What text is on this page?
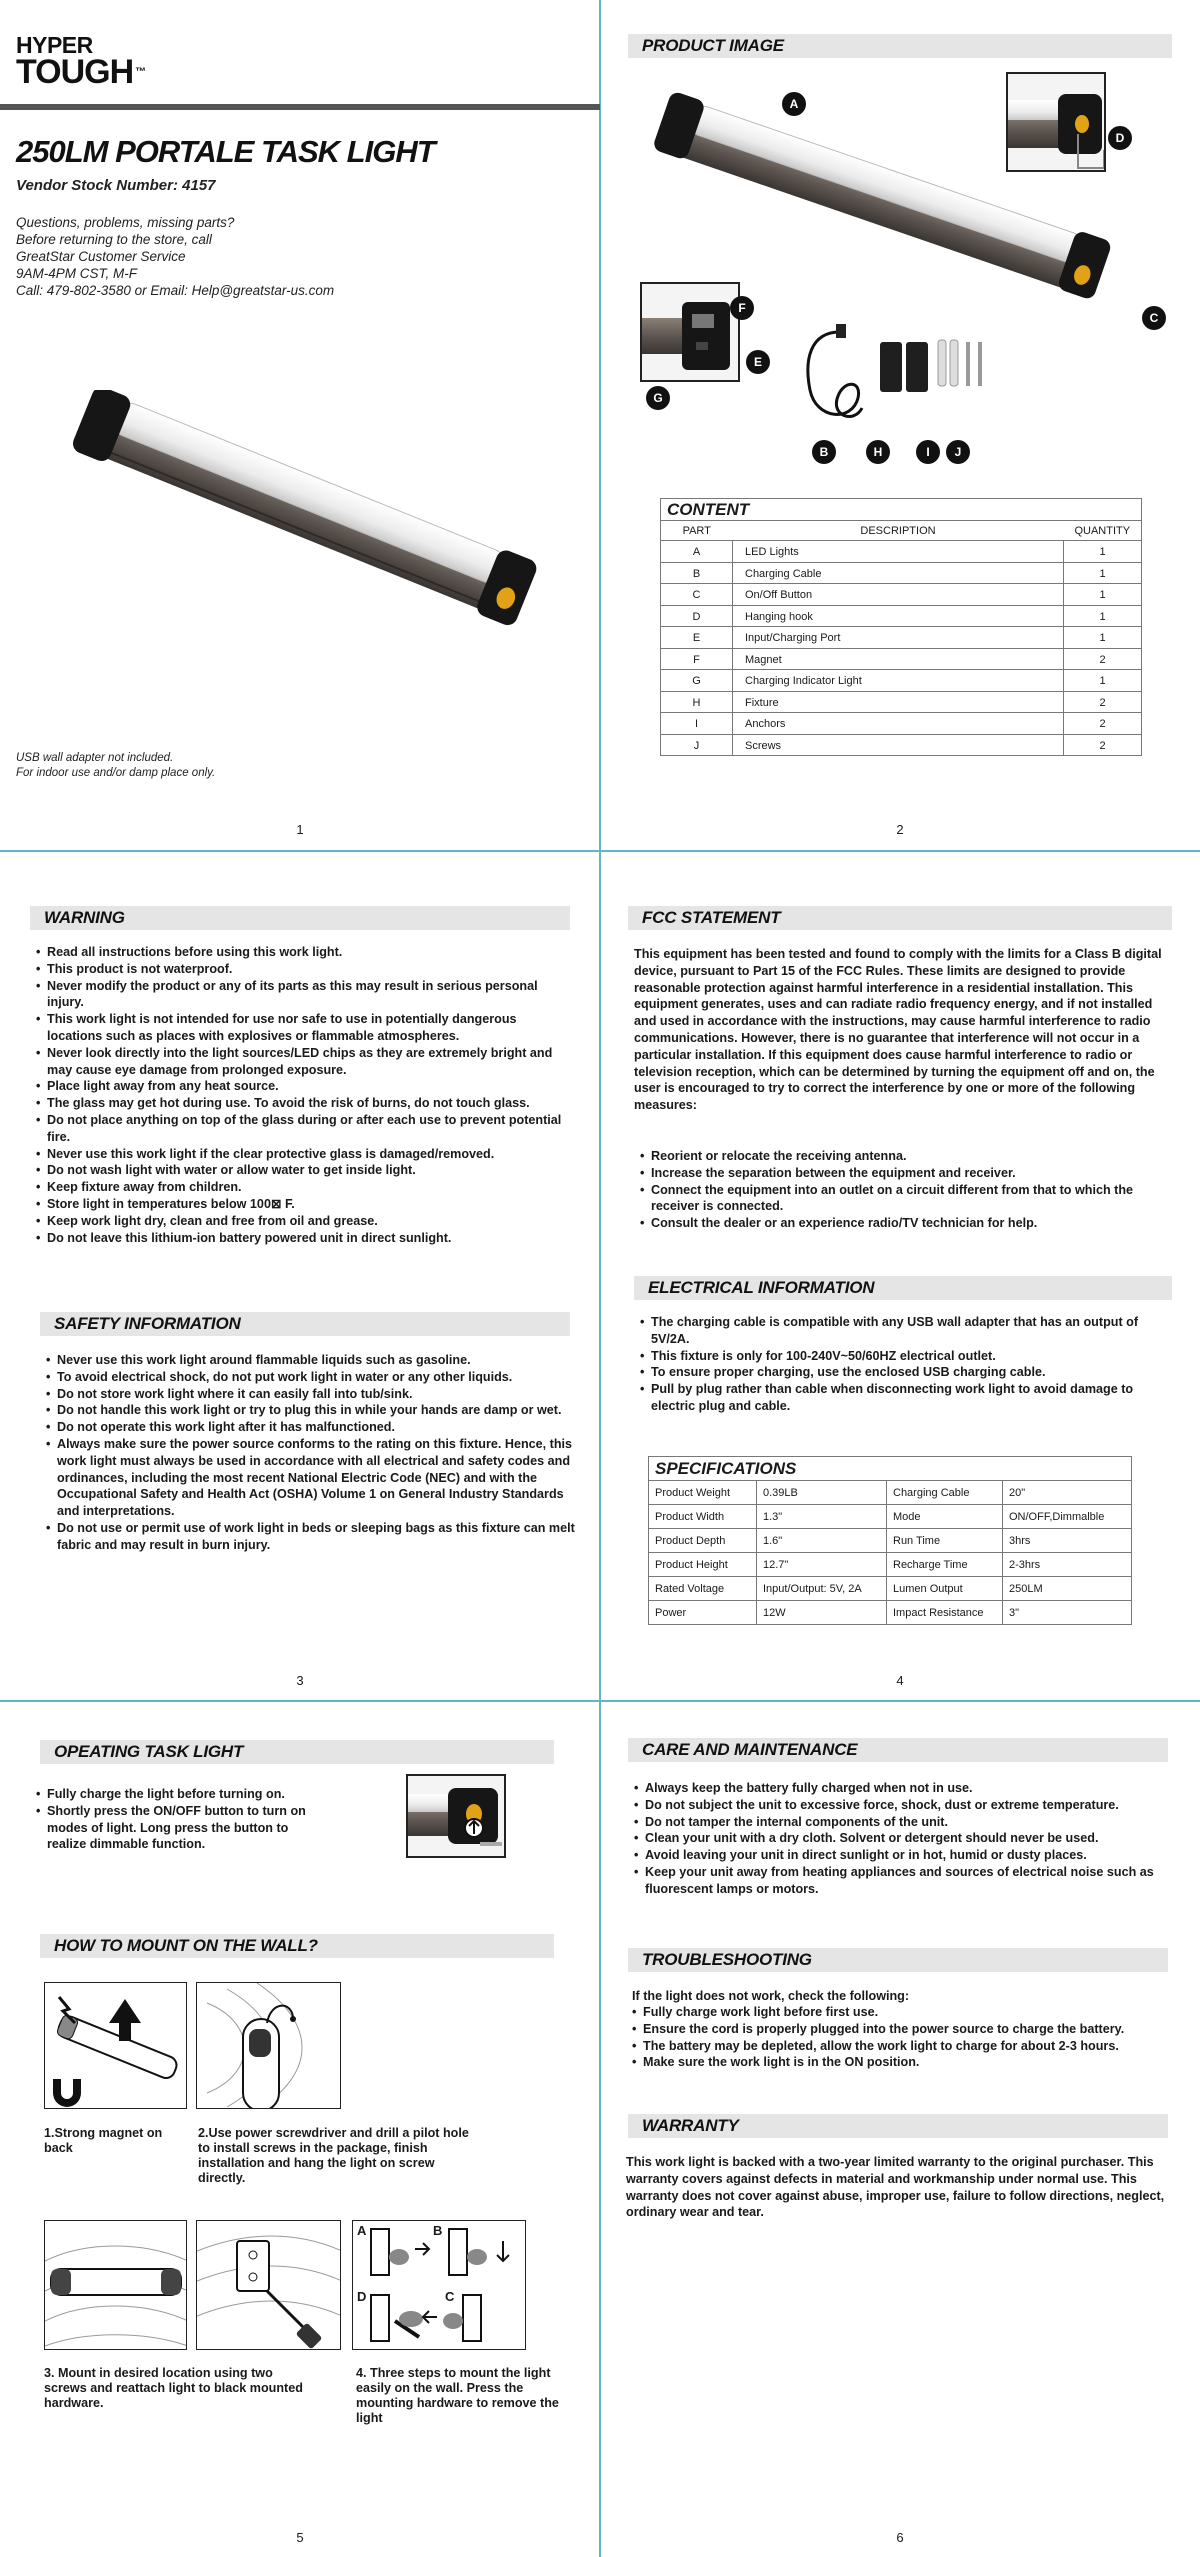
HYPER
TOUGH ™
250LM PORTALE TASK LIGHT
Vendor Stock Number: 4157
Questions, problems, missing parts?
Before returning to the store, call
GreatStar Customer Service
9AM-4PM CST, M-F
Call: 479-802-3580 or Email: Help@greatstar-us.com
USB wall adapter not included.
For indoor use and/or damp place only.
1
PRODUCT IMAGE
A
D
C
F
E
G
B	H	I	J
2
CONTENT
PART	DESCRIPTION	QUANTITY
A	LED Lights	1
B	Charging Cable	1
C	On/Off Button	1
D	Hanging hook	1
E	Input/Charging Port	1
F	Magnet	2
G	Charging Indicator Light	1
H	Fixture	2
I	Anchors	2
J	Screws	2
WARNING
• Read all instructions before using this work light.
• This product is not waterproof.
• Never modify the product or any of its parts as this may result in serious personal injury.
• This work light is not intended for use nor safe to use in potentially dangerous locations such as places with explosives or flammable atmospheres.
• Never look directly into the light sources/LED chips as they are extremely bright and may cause eye damage from prolonged exposure.
• Place light away from any heat source.
• The glass may get hot during use. To avoid the risk of burns, do not touch glass.
• Do not place anything on top of the glass during or after each use to prevent potential fire.
• Never use this work light if the clear protective glass is damaged/removed.
• Do not wash light with water or allow water to get inside light.
• Keep fixture away from children.
• Store light in temperatures below 100⊠ F.
• Keep work light dry, clean and free from oil and grease.
• Do not leave this lithium-ion battery powered unit in direct sunlight.
SAFETY INFORMATION
• Never use this work light around flammable liquids such as gasoline.
• To avoid electrical shock, do not put work light in water or any other liquids.
• Do not store work light where it can easily fall into tub/sink.
• Do not handle this work light or try to plug this in while your hands are damp or wet.
• Do not operate this work light after it has malfunctioned.
• Always make sure the power source conforms to the rating on this fixture. Hence, this work light must always be used in accordance with all electrical and safety codes and ordinances, including the most recent National Electric Code (NEC) and with the Occupational Safety and Health Act (OSHA) Volume 1 on General Industry Standards and interpretations.
• Do not use or permit use of work light in beds or sleeping bags as this fixture can melt fabric and may result in burn injury.
3
FCC STATEMENT
This equipment has been tested and found to comply with the limits for a Class B digital device, pursuant to Part 15 of the FCC Rules. These limits are designed to provide reasonable protection against harmful interference in a residential installation. This equipment generates, uses and can radiate radio frequency energy, and if not installed and used in accordance with the instructions, may cause harmful interference to radio communications. However, there is no guarantee that interference will not occur in a particular installation. If this equipment does cause harmful interference to radio or television reception, which can be determined by turning the equipment off and on, the user is encouraged to try to correct the interference by one or more of the following measures:
• Reorient or relocate the receiving antenna.
• Increase the separation between the equipment and receiver.
• Connect the equipment into an outlet on a circuit different from that to which the receiver is connected.
• Consult the dealer or an experience radio/TV technician for help.
ELECTRICAL INFORMATION
• The charging cable is compatible with any USB wall adapter that has an output of 5V/2A.
• This fixture is only for 100-240V~50/60HZ electrical outlet.
• To ensure proper charging, use the enclosed USB charging cable.
• Pull by plug rather than cable when disconnecting work light to avoid damage to electric plug and cable.
4
SPECIFICATIONS			
Product Weight	0.39LB	Charging Cable	20"
Product Width	1.3"	Mode	ON/OFF,Dimmalble
Product Depth	1.6"	Run Time	3hrs
Product Height	12.7"	Recharge Time	2-3hrs
Rated Voltage	Input/Output: 5V, 2A	Lumen Output	250LM
Power	12W	Impact Resistance	3"
OPEATING TASK LIGHT
• Fully charge the light before turning on.
• Shortly press the ON/OFF button to turn on modes of light. Long press the button to realize dimmable function.
HOW TO MOUNT ON THE WALL?
1.Strong magnet on back
2.Use power screwdriver and drill a pilot hole to install screws in the package, finish installation and hang the light on screw directly.
A	B
C
D
3. Mount in desired location using two screws and reattach light to black mounted hardware.
4. Three steps to mount the light easily on the wall. Press the mounting hardware to remove the light
5
CARE AND MAINTENANCE
• Always keep the battery fully charged when not in use.
• Do not subject the unit to excessive force, shock, dust or extreme temperature.
• Do not tamper the internal components of the unit.
• Clean your unit with a dry cloth. Solvent or detergent should never be used.
• Avoid leaving your unit in direct sunlight or in hot, humid or dusty places.
• Keep your unit away from heating appliances and sources of electrical noise such as fluorescent lamps or motors.
TROUBLESHOOTING
If the light does not work, check the following:
• Fully charge work light before first use.
• Ensure the cord is properly plugged into the power source to charge the battery.
• The battery may be depleted, allow the work light to charge for about 2-3 hours.
• Make sure the work light is in the ON position.
WARRANTY
This work light is backed with a two-year limited warranty to the original purchaser. This warranty covers against defects in material and workmanship under normal use. This warranty does not cover against abuse, improper use, failure to follow directions, neglect, ordinary wear and tear.
6
